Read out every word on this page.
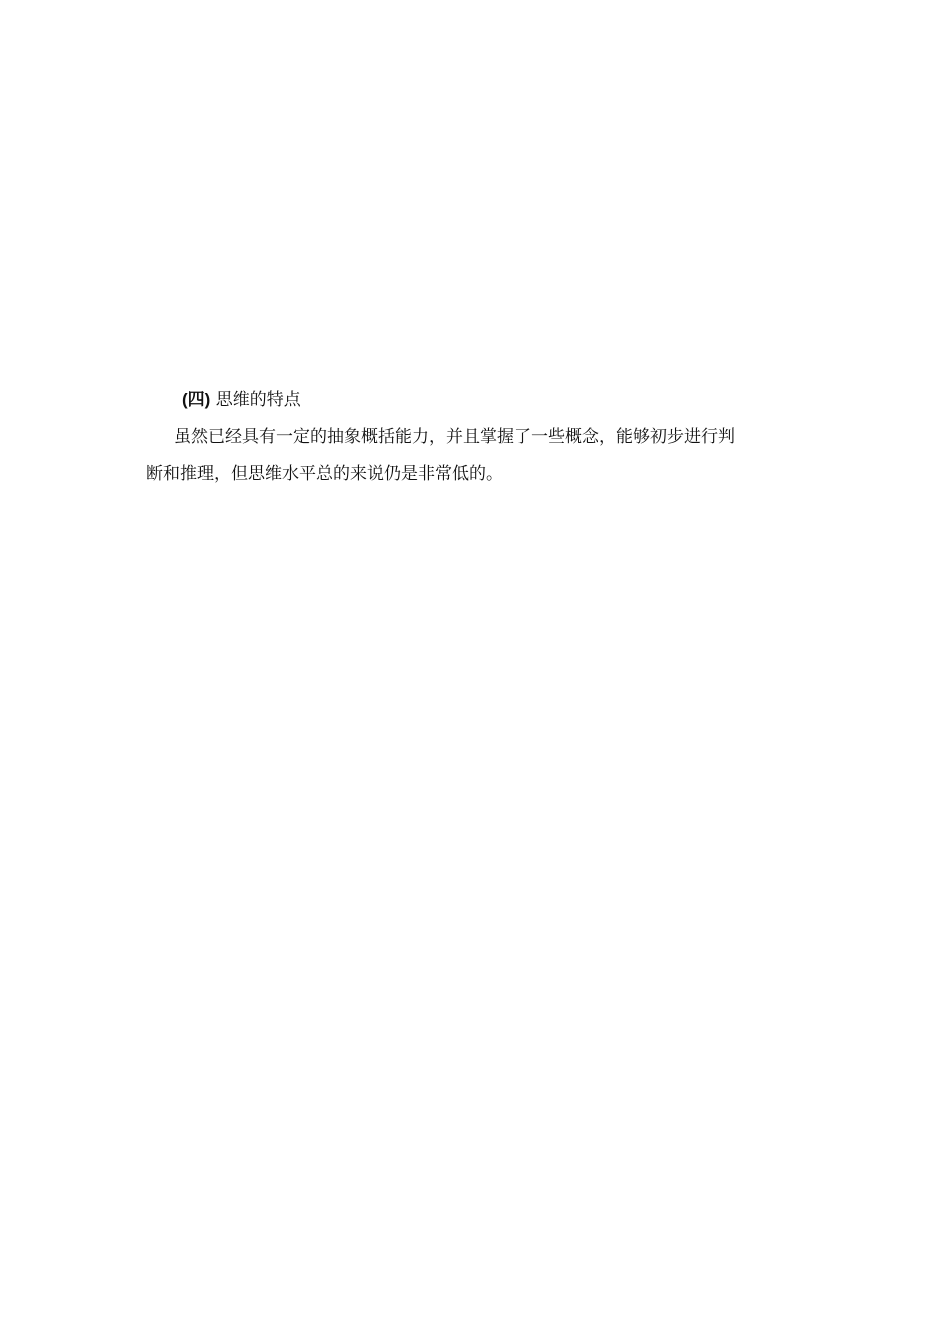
(四) 思维的特点
虽然已经具有一定的抽象概括能力，并且掌握了一些概念，能够初步进行判
断和推理，但思维水平总的来说仍是非常低的。
